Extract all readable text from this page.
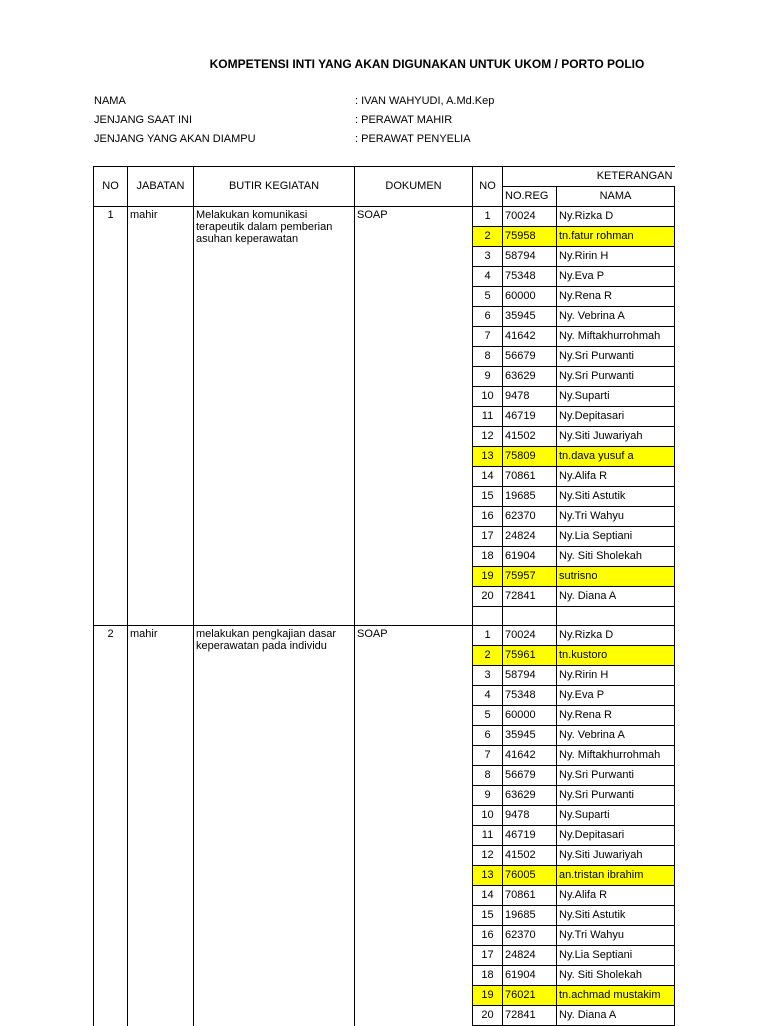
KOMPETENSI INTI YANG AKAN DIGUNAKAN UNTUK UKOM / PORTO POLIO
NAMA	: IVAN WAHYUDI, A.Md.Kep
JENJANG SAAT INI	: PERAWAT MAHIR
JENJANG YANG AKAN DIAMPU	: PERAWAT PENYELIA
NO	JABATAN	BUTIR KEGIATAN	DOKUMEN	NO	KETERANGAN	
					NO.REG	NAMA
1	mahir	Melakukan komunikasi terapeutik dalam pemberian asuhan keperawatan	SOAP	1	70024	Ny.Rizka D
				2	75958	tn.fatur rohman
				3	58794	Ny.Ririn H
				4	75348	Ny.Eva P
				5	60000	Ny.Rena R
				6	35945	Ny. Vebrina A
				7	41642	Ny. Miftakhurrohmah
				8	56679	Ny.Sri Purwanti
				9	63629	Ny.Sri Purwanti
				10	9478	Ny.Suparti
				11	46719	Ny.Depitasari
				12	41502	Ny.Siti Juwariyah
				13	75809	tn.dava yusuf a
				14	70861	Ny.Alifa R
				15	19685	Ny.Siti Astutik
				16	62370	Ny.Tri Wahyu
				17	24824	Ny.Lia Septiani
				18	61904	Ny. Siti Sholekah
				19	75957	sutrisno
				20	72841	Ny. Diana A

2	mahir	melakukan pengkajian dasar keperawatan pada individu	SOAP	1	70024	Ny.Rizka D
				2	75961	tn.kustoro
				3	58794	Ny.Ririn H
				4	75348	Ny.Eva P
				5	60000	Ny.Rena R
				6	35945	Ny. Vebrina A
				7	41642	Ny. Miftakhurrohmah
				8	56679	Ny.Sri Purwanti
				9	63629	Ny.Sri Purwanti
				10	9478	Ny.Suparti
				11	46719	Ny.Depitasari
				12	41502	Ny.Siti Juwariyah
				13	76005	an.tristan ibrahim
				14	70861	Ny.Alifa R
				15	19685	Ny.Siti Astutik
				16	62370	Ny.Tri Wahyu
				17	24824	Ny.Lia Septiani
				18	61904	Ny. Siti Sholekah
				19	76021	tn.achmad mustakim
				20	72841	Ny. Diana A
